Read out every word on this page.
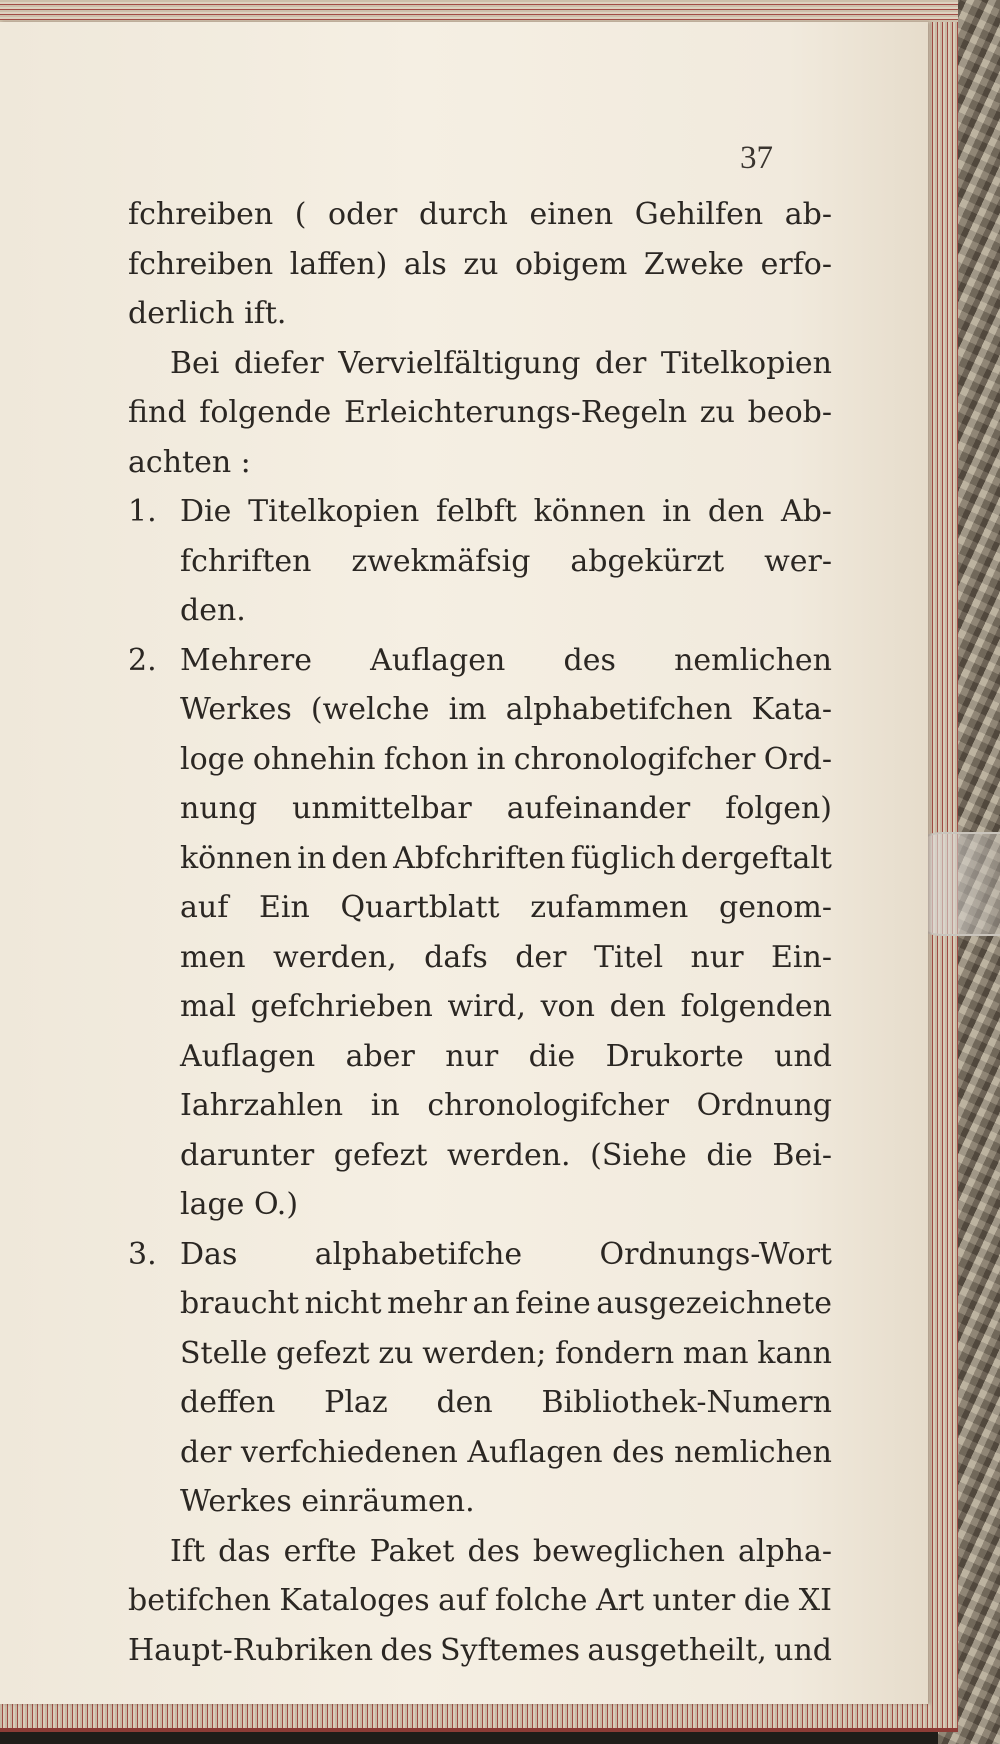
37
fchreiben ( oder durch einen Gehilfen ab-
fchreiben laffen) als zu obigem Zweke erfo-
derlich ift.
Bei diefer Vervielfältigung der Titelkopien
find folgende Erleichterungs-Regeln zu beob-
achten :
1. Die Titelkopien felbft können in den Ab-
fchriften zwekmäfsig abgekürzt wer-
den.
2. Mehrere Auflagen des nemlichen
Werkes (welche im alphabetifchen Kata-
loge ohnehin fchon in chronologifcher Ord-
nung unmittelbar aufeinander folgen)
können in den Abfchriften füglich dergeftalt
auf Ein Quartblatt zufammen genom-
men werden, dafs der Titel nur Ein-
mal gefchrieben wird, von den folgenden
Auflagen aber nur die Drukorte und
Iahrzahlen in chronologifcher Ordnung
darunter gefezt werden. (Siehe die Bei-
lage O.)
3. Das	alphabetifche	Ordnungs-Wort
braucht nicht mehr an feine ausgezeichnete
Stelle gefezt zu werden; fondern man kann
deffen Plaz den Bibliothek-Numern
der verfchiedenen Auflagen des nemlichen
Werkes einräumen.
Ift das erfte Paket des beweglichen alpha-
betifchen Kataloges auf folche Art unter die XI
Haupt-Rubriken des Syftemes ausgetheilt, und
